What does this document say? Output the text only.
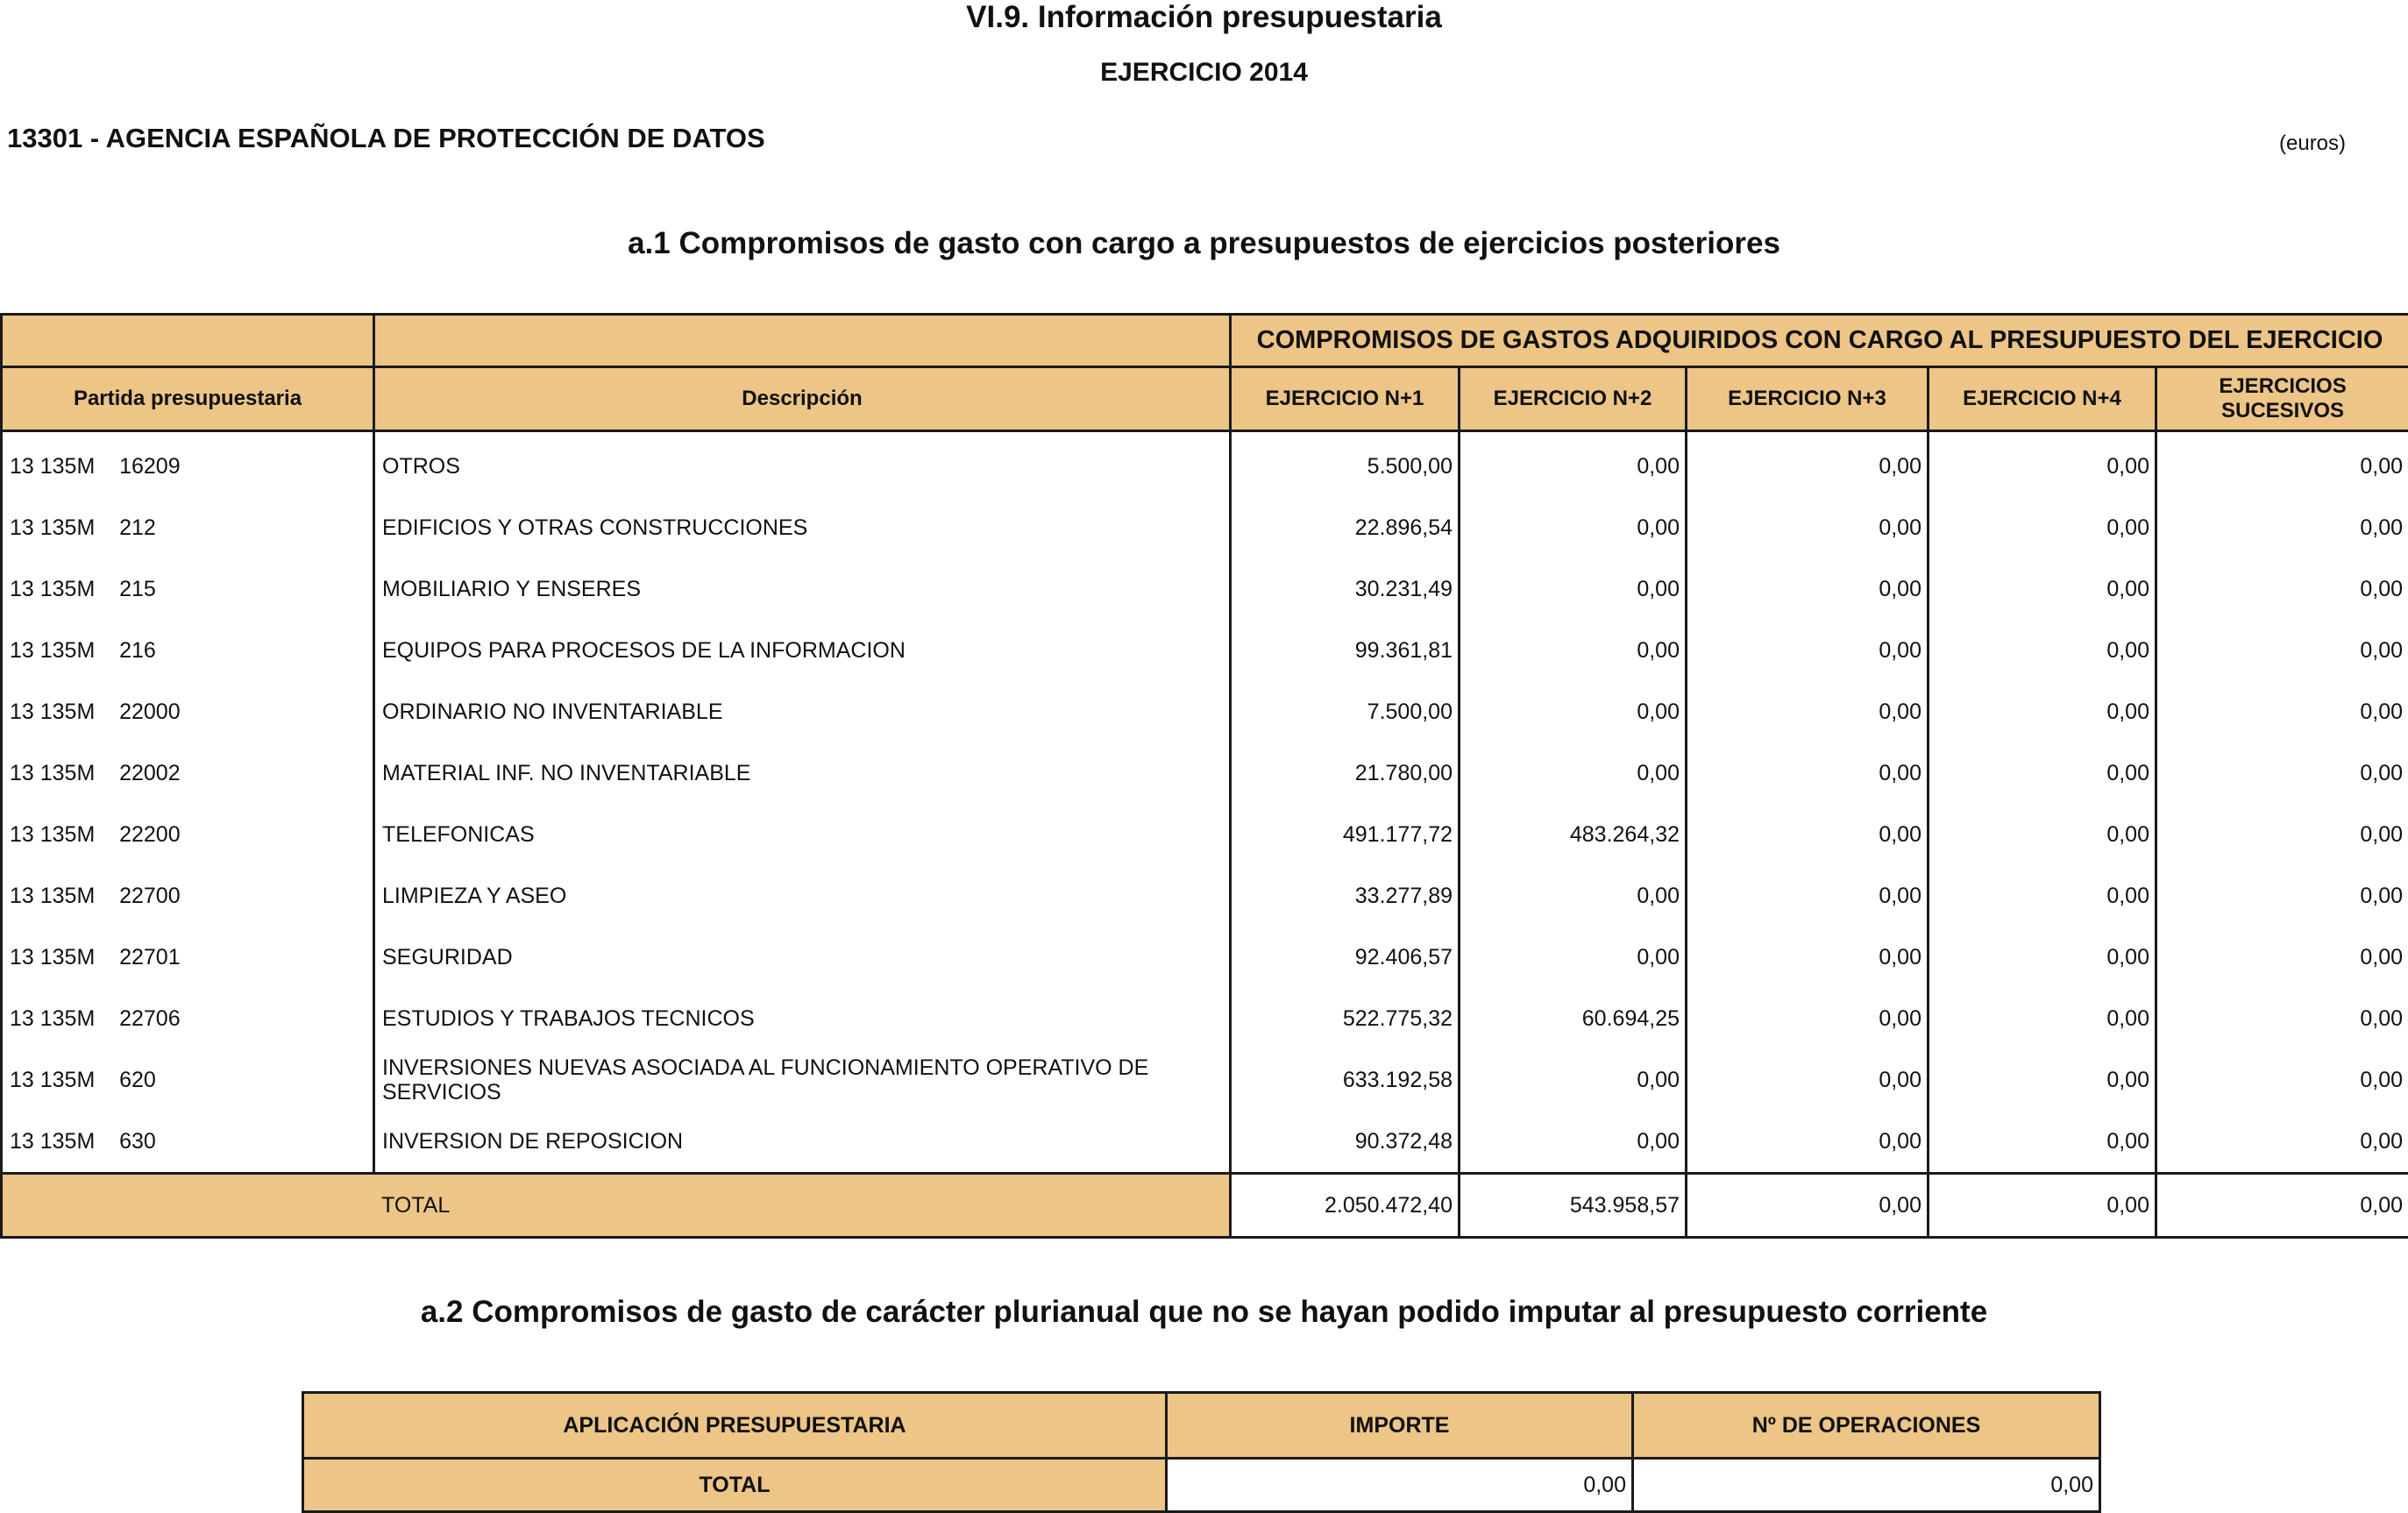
VI.9. Información presupuestaria
EJERCICIO 2014
13301 - AGENCIA ESPAÑOLA DE PROTECCIÓN DE DATOS	(euros)
a.1 Compromisos de gasto con cargo a presupuestos de ejercicios posteriores
		COMPROMISOS DE GASTOS ADQUIRIDOS CON CARGO AL PRESUPUESTO DEL EJERCICIO				
Partida presupuestaria	Descripción	EJERCICIO N+1	EJERCICIO N+2	EJERCICIO N+3	EJERCICIO N+4	EJERCICIOS SUCESIVOS
13 135M    16209	OTROS	5.500,00	0,00	0,00	0,00	0,00
13 135M    212	EDIFICIOS Y OTRAS CONSTRUCCIONES	22.896,54	0,00	0,00	0,00	0,00
13 135M    215	MOBILIARIO Y ENSERES	30.231,49	0,00	0,00	0,00	0,00
13 135M    216	EQUIPOS PARA PROCESOS DE LA INFORMACION	99.361,81	0,00	0,00	0,00	0,00
13 135M    22000	ORDINARIO NO INVENTARIABLE	7.500,00	0,00	0,00	0,00	0,00
13 135M    22002	MATERIAL INF. NO INVENTARIABLE	21.780,00	0,00	0,00	0,00	0,00
13 135M    22200	TELEFONICAS	491.177,72	483.264,32	0,00	0,00	0,00
13 135M    22700	LIMPIEZA Y ASEO	33.277,89	0,00	0,00	0,00	0,00
13 135M    22701	SEGURIDAD	92.406,57	0,00	0,00	0,00	0,00
13 135M    22706	ESTUDIOS Y TRABAJOS TECNICOS	522.775,32	60.694,25	0,00	0,00	0,00
13 135M    620	INVERSIONES NUEVAS ASOCIADA AL FUNCIONAMIENTO OPERATIVO DE SERVICIOS	633.192,58	0,00	0,00	0,00	0,00
13 135M    630	INVERSION DE REPOSICION	90.372,48	0,00	0,00	0,00	0,00
TOTAL		2.050.472,40	543.958,57	0,00	0,00	0,00
a.2 Compromisos de gasto de carácter plurianual que no se hayan podido imputar al presupuesto corriente
APLICACIÓN PRESUPUESTARIA	IMPORTE	Nº DE OPERACIONES
TOTAL	0,00	0,00
